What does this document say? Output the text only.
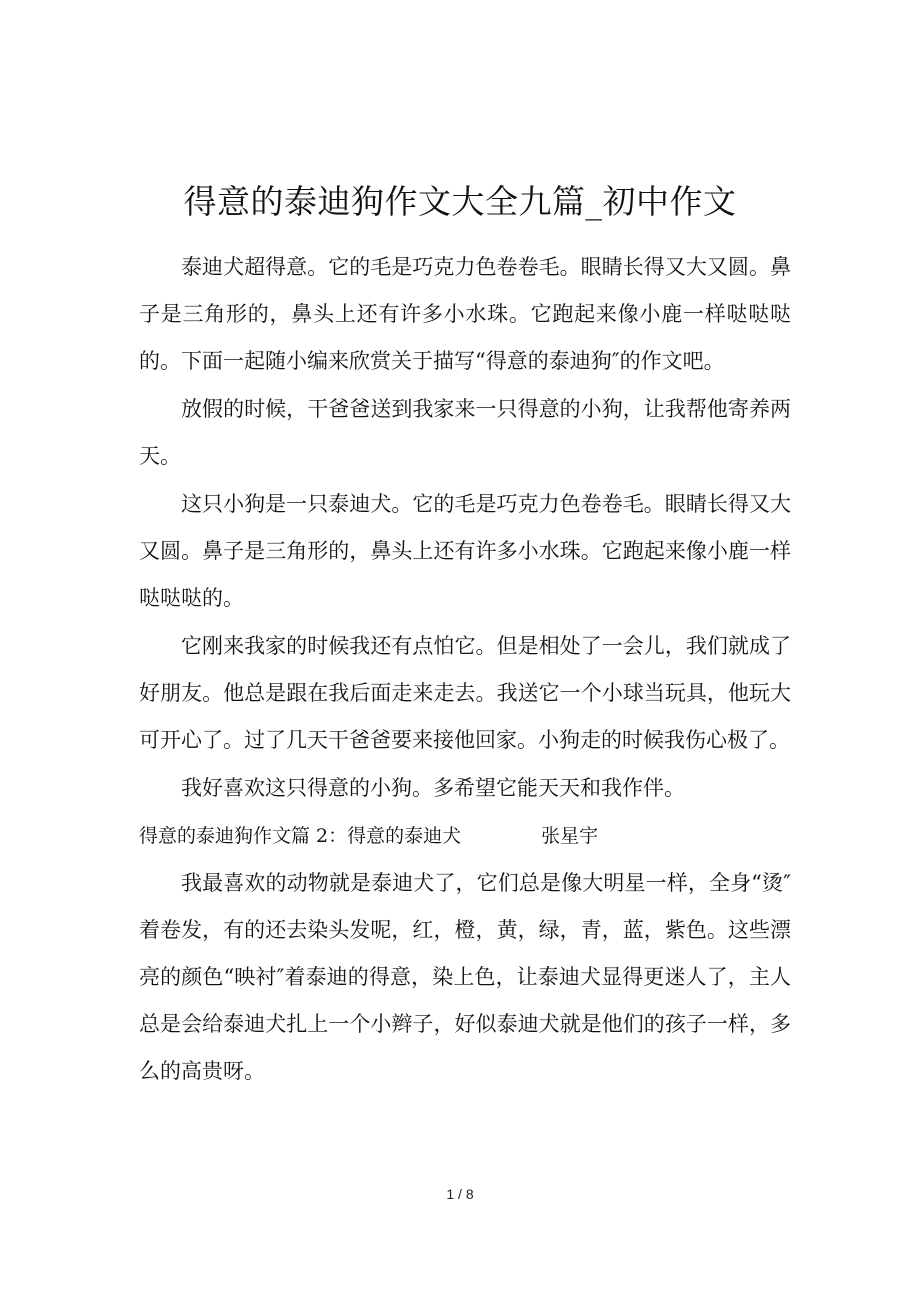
得意的泰迪狗作文大全九篇_初中作文

泰迪犬超得意。它的毛是巧克力色卷卷毛。眼睛长得又大又圆。鼻子是三角形的，鼻头上还有许多小水珠。它跑起来像小鹿一样哒哒哒的。下面一起随小编来欣赏关于描写“得意的泰迪狗″的作文吧。

放假的时候，干爸爸送到我家来一只得意的小狗，让我帮他寄养两天。

这只小狗是一只泰迪犬。它的毛是巧克力色卷卷毛。眼睛长得又大又圆。鼻子是三角形的，鼻头上还有许多小水珠。它跑起来像小鹿一样哒哒哒的。

它刚来我家的时候我还有点怕它。但是相处了一会儿，我们就成了好朋友。他总是跟在我后面走来走去。我送它一个小球当玩具，他玩大可开心了。过了几天干爸爸要来接他回家。小狗走的时候我伤心极了。

我好喜欢这只得意的小狗。多希望它能天天和我作伴。

得意的泰迪狗作文篇 2：得意的泰迪犬	张星宇

我最喜欢的动物就是泰迪犬了，它们总是像大明星一样，全身“烫″着卷发，有的还去染头发呢，红，橙，黄，绿，青，蓝，紫色。这些漂亮的颜色“映衬″着泰迪的得意，染上色，让泰迪犬显得更迷人了，主人总是会给泰迪犬扎上一个小辫子，好似泰迪犬就是他们的孩子一样，多么的高贵呀。

1 / 8
